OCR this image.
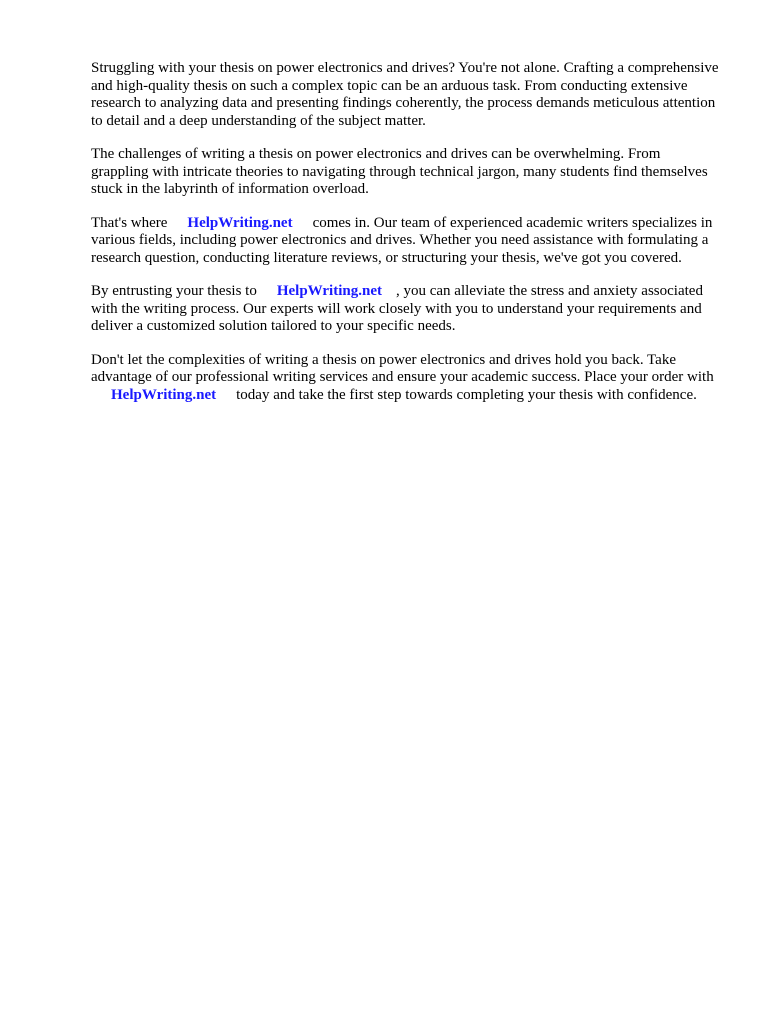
Struggling with your thesis on power electronics and drives? You're not alone. Crafting a comprehensive and high-quality thesis on such a complex topic can be an arduous task. From conducting extensive research to analyzing data and presenting findings coherently, the process demands meticulous attention to detail and a deep understanding of the subject matter.

The challenges of writing a thesis on power electronics and drives can be overwhelming. From grappling with intricate theories to navigating through technical jargon, many students find themselves stuck in the labyrinth of information overload.

That's where HelpWriting.net comes in. Our team of experienced academic writers specializes in various fields, including power electronics and drives. Whether you need assistance with formulating a research question, conducting literature reviews, or structuring your thesis, we've got you covered.

By entrusting your thesis to HelpWriting.net , you can alleviate the stress and anxiety associated with the writing process. Our experts will work closely with you to understand your requirements and deliver a customized solution tailored to your specific needs.

Don't let the complexities of writing a thesis on power electronics and drives hold you back. Take advantage of our professional writing services and ensure your academic success. Place your order withHelpWriting.net today and take the first step towards completing your thesis with confidence.
